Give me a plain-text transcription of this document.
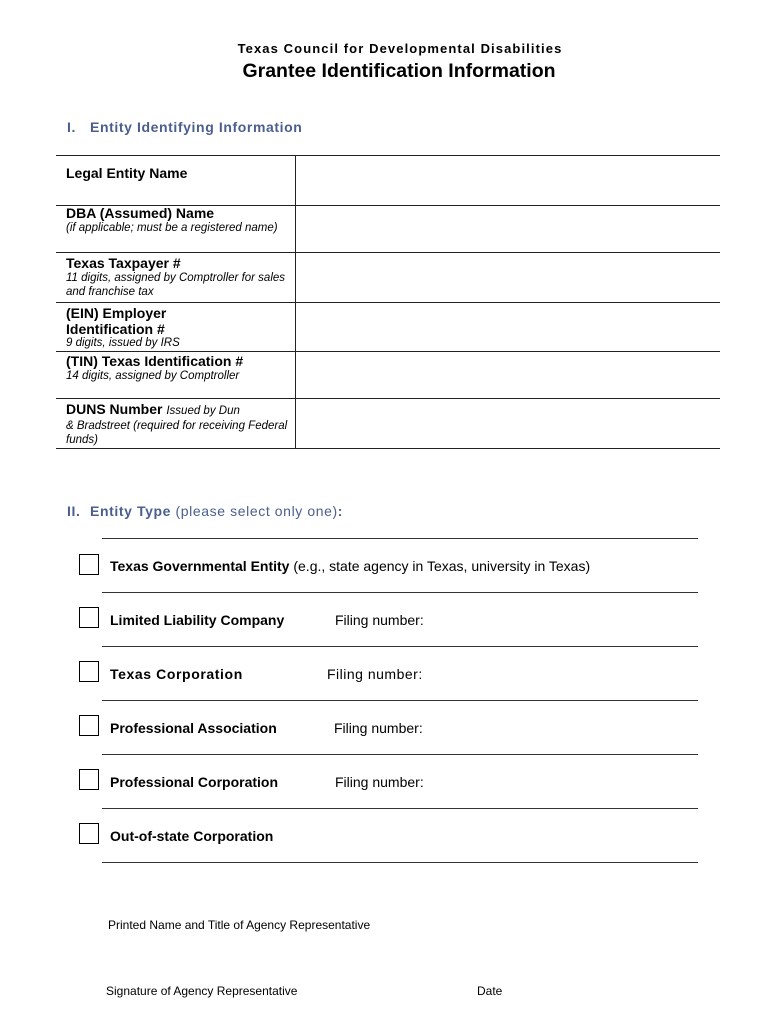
Texas Council for Developmental Disabilities
Grantee Identification Information
I. Entity Identifying Information
Legal Entity Name
DBA (Assumed) Name
(if applicable; must be a registered name)
Texas Taxpayer #
11 digits, assigned by Comptroller for sales and franchise tax
(EIN) Employer Identification #
9 digits, issued by IRS
(TIN) Texas Identification #
14 digits, assigned by Comptroller
DUNS Number Issued by Dun
& Bradstreet (required for receiving Federal funds)
II. Entity Type (please select only one):
Texas Governmental Entity (e.g., state agency in Texas, university in Texas)
Limited Liability Company	Filing number:
Texas Corporation	Filing number:
Professional Association	Filing number:
Professional Corporation	Filing number:
Out-of-state Corporation
Printed Name and Title of Agency Representative
Signature of Agency Representative	Date
